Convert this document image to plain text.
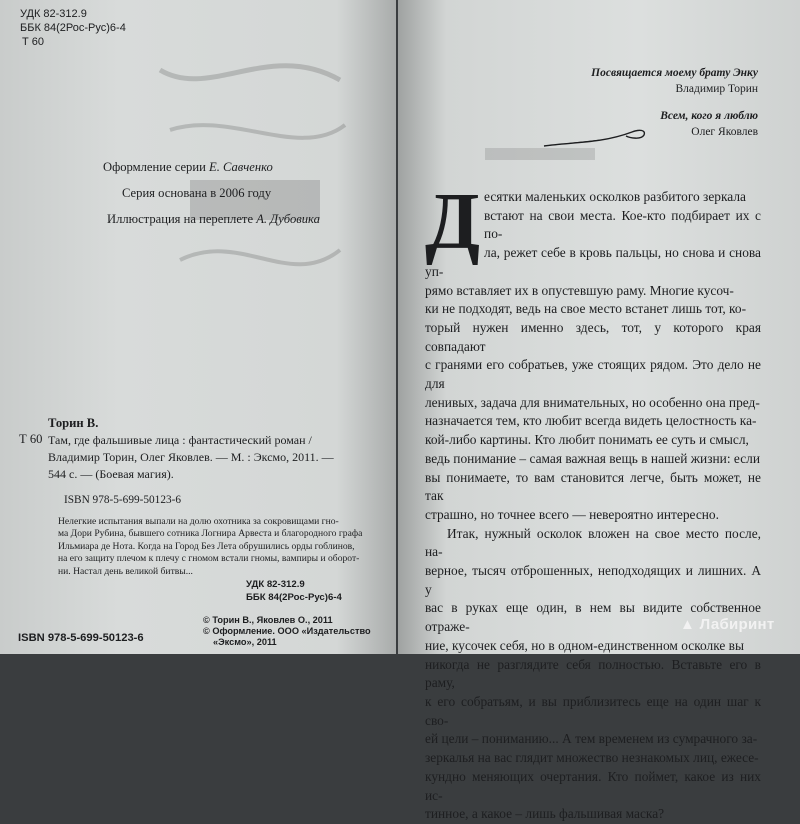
УДК 82-312.9
ББК 84(2Рос-Рус)6-4
Т 60
Оформление серии Е. Савченко
Серия основана в 2006 году
Иллюстрация на переплете А. Дубовика
Торин В.
Т 60 Там, где фальшивые лица : фантастический роман /
Владимир Торин, Олег Яковлев. — М. : Эксмо, 2011. —
544 с. — (Боевая магия).
ISBN 978-5-699-50123-6
Нелегкие испытания выпали на долю охотника за сокровищами гно-
ма Дори Рубина, бывшего сотника Логнира Арвеста и благородного графа
Ильмиара де Нота. Когда на Город Без Лета обрушились орды гоблинов,
на его защиту плечом к плечу с гномом встали гномы, вампиры и оборот-
ни. Настал день великой битвы...
УДК 82-312.9
ББК 84(2Рос-Рус)6-4
© Торин В., Яковлев О., 2011
© Оформление. ООО «Издательство
«Эксмо», 2011
ISBN 978-5-699-50123-6
Посвящается моему брату Энку
Владимир Торин
Всем, кого я люблю
Олег Яковлев
Д есятки маленьких осколков разбитого зеркала
встают на свои места. Кое-кто подбирает их с по-
ла, режет себе в кровь пальцы, но снова и снова уп-
рямо вставляет их в опустевшую раму. Многие кусоч-
ки не подходят, ведь на свое место встанет лишь тот, ко-
торый нужен именно здесь, тот, у которого края совпадают
с гранями его собратьев, уже стоящих рядом. Это дело не для
ленивых, задача для внимательных, но особенно она пред-
назначается тем, кто любит всегда видеть целостность ка-
кой-либо картины. Кто любит понимать ее суть и смысл,
ведь понимание – самая важная вещь в нашей жизни: если
вы понимаете, то вам становится легче, быть может, не так
страшно, но точнее всего — невероятно интересно.

Итак, нужный осколок вложен на свое место после, на-
верное, тысяч отброшенных, неподходящих и лишних. А у
вас в руках еще один, в нем вы видите собственное отраже-
ние, кусочек себя, но в одном-единственном осколке вы
никогда не разглядите себя полностью. Вставьте его в раму,
к его собратьям, и вы приблизитесь еще на один шаг к сво-
ей цели – пониманию... А тем временем из сумрачного за-
зеркалья на вас глядит множество незнакомых лиц, ежесе-
кундно меняющих очертания. Кто поймет, какое из них ис-
тинное, а какое – лишь фальшивая маска?

▲ Лабиринт
